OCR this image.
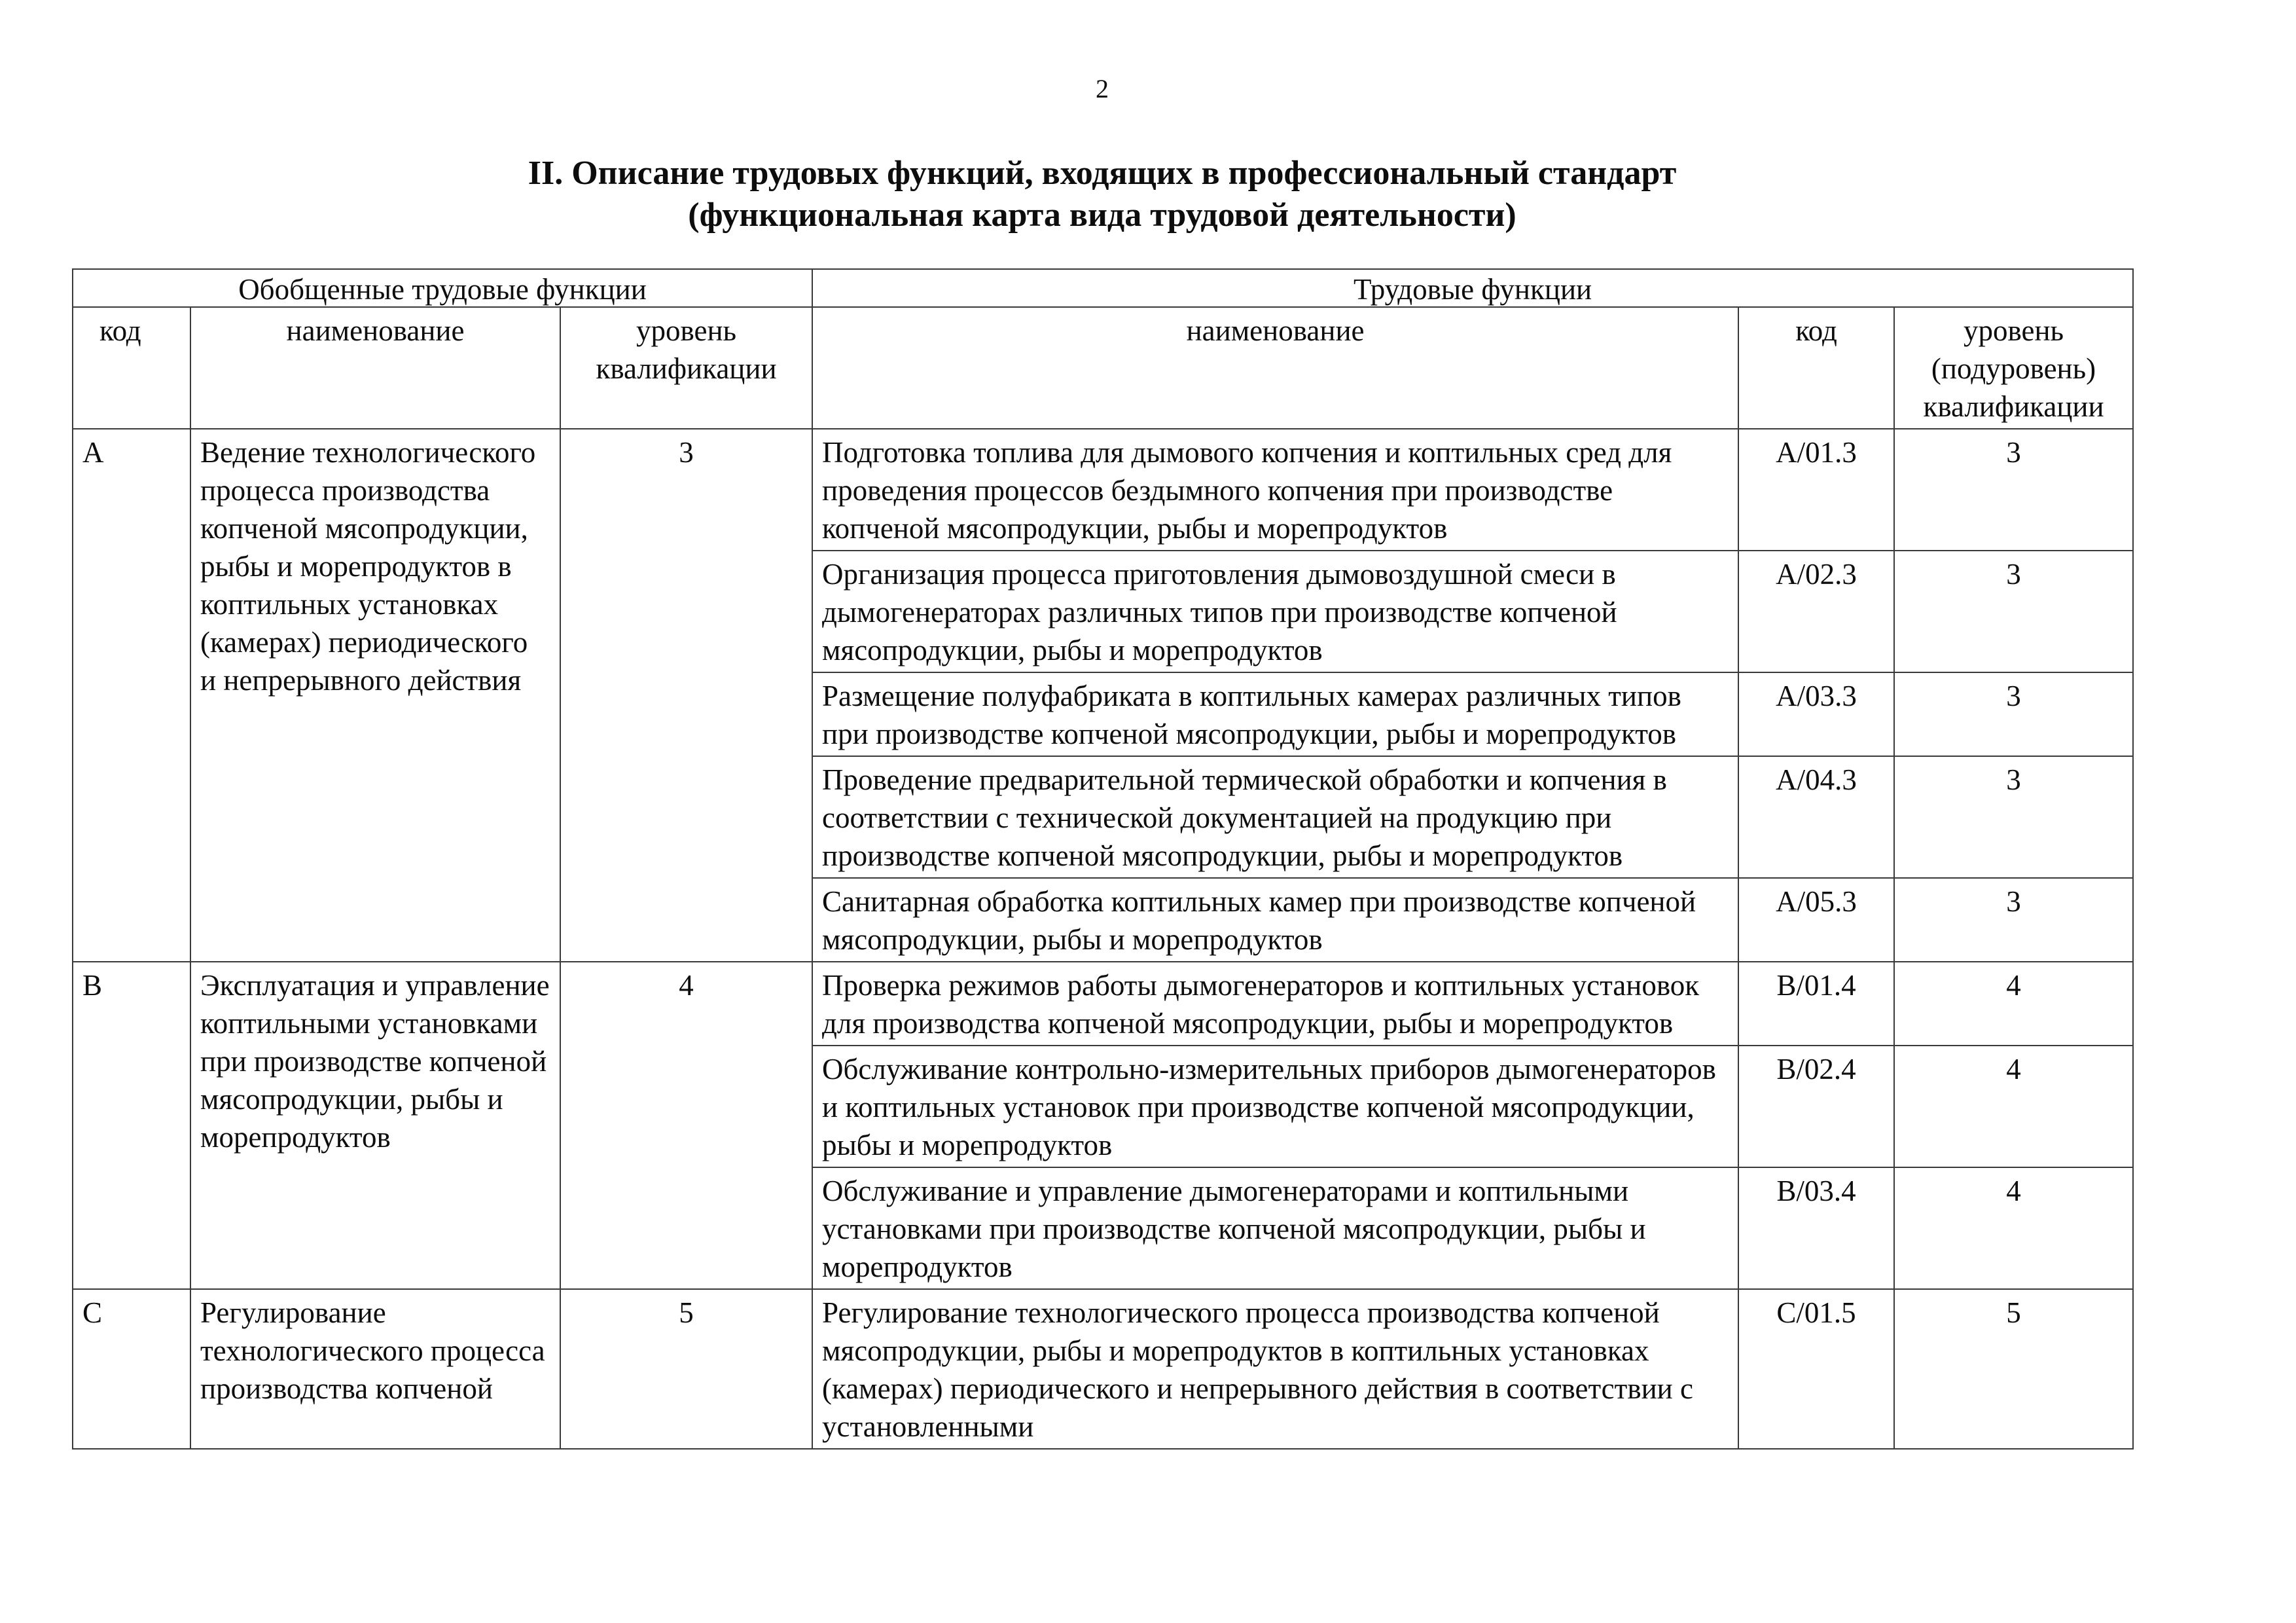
2
II. Описание трудовых функций, входящих в профессиональный стандарт
(функциональная карта вида трудовой деятельности)
Обобщенные трудовые функции			Трудовые функции		
код	наименование	уровень квалификации	наименование	код	уровень (подуровень) квалификации
A	Ведение технологического процесса производства копченой мясопродукции, рыбы и морепродуктов в коптильных установках (камерах) периодического и непрерывного действия	3	Подготовка топлива для дымового копчения и коптильных сред для проведения процессов бездымного копчения при производстве копченой мясопродукции, рыбы и морепродуктов	A/01.3	3
			Организация процесса приготовления дымовоздушной смеси в дымогенераторах различных типов при производстве копченой мясопродукции, рыбы и морепродуктов	A/02.3	3
			Размещение полуфабриката в коптильных камерах различных типов при производстве копченой мясопродукции, рыбы и морепродуктов	A/03.3	3
			Проведение предварительной термической обработки и копчения в соответствии с технической документацией на продукцию при производстве копченой мясопродукции, рыбы и морепродуктов	A/04.3	3
			Санитарная обработка коптильных камер при производстве копченой мясопродукции, рыбы и морепродуктов	A/05.3	3
B	Эксплуатация и управление коптильными установками при производстве копченой мясопродукции, рыбы и морепродуктов	4	Проверка режимов работы дымогенераторов и коптильных установок для производства копченой мясопродукции, рыбы и морепродуктов	B/01.4	4
			Обслуживание контрольно-измерительных приборов дымогенераторов и коптильных установок при производстве копченой мясопродукции, рыбы и морепродуктов	B/02.4	4
			Обслуживание и управление дымогенераторами и коптильными установками при производстве копченой мясопродукции, рыбы и морепродуктов	B/03.4	4
C	Регулирование технологического процесса производства копченой	5	Регулирование технологического процесса производства копченой мясопродукции, рыбы и морепродуктов в коптильных установках (камерах) периодического и непрерывного действия в соответствии с установленными	C/01.5	5
